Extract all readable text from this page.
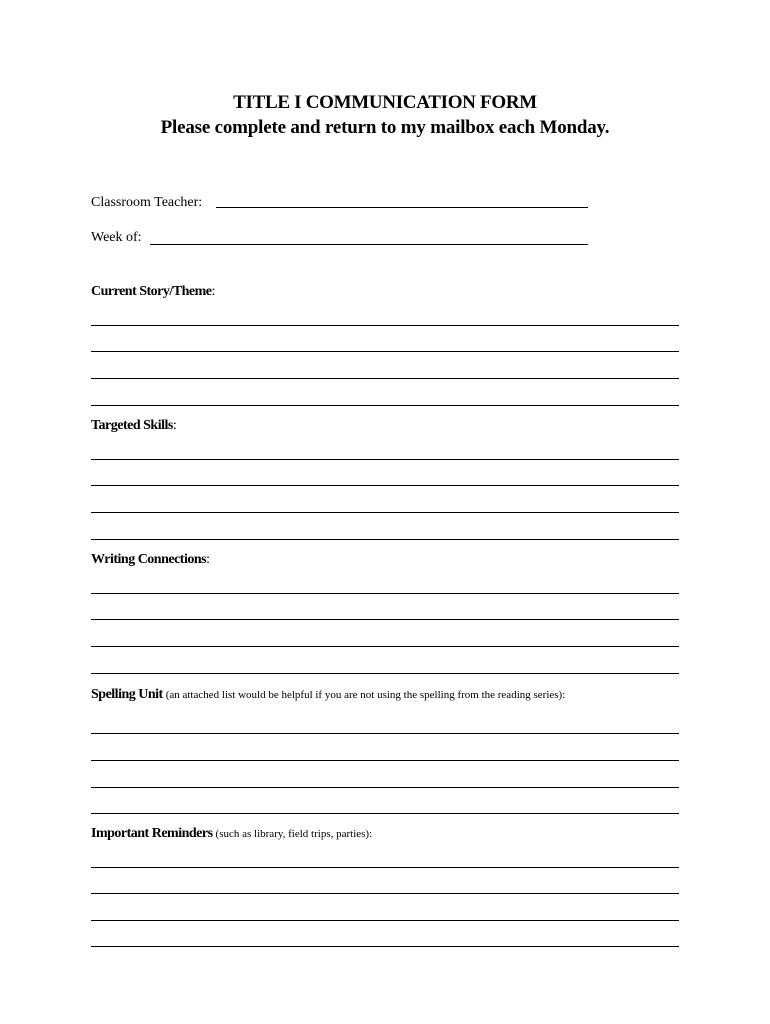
TITLE I COMMUNICATION FORM
Please complete and return to my mailbox each Monday.
Classroom Teacher:
Week of:
Current Story/Theme:
Targeted Skills:
Writing Connections:
Spelling Unit (an attached list would be helpful if you are not using the spelling from the reading series):
Important Reminders (such as library, field trips, parties):
